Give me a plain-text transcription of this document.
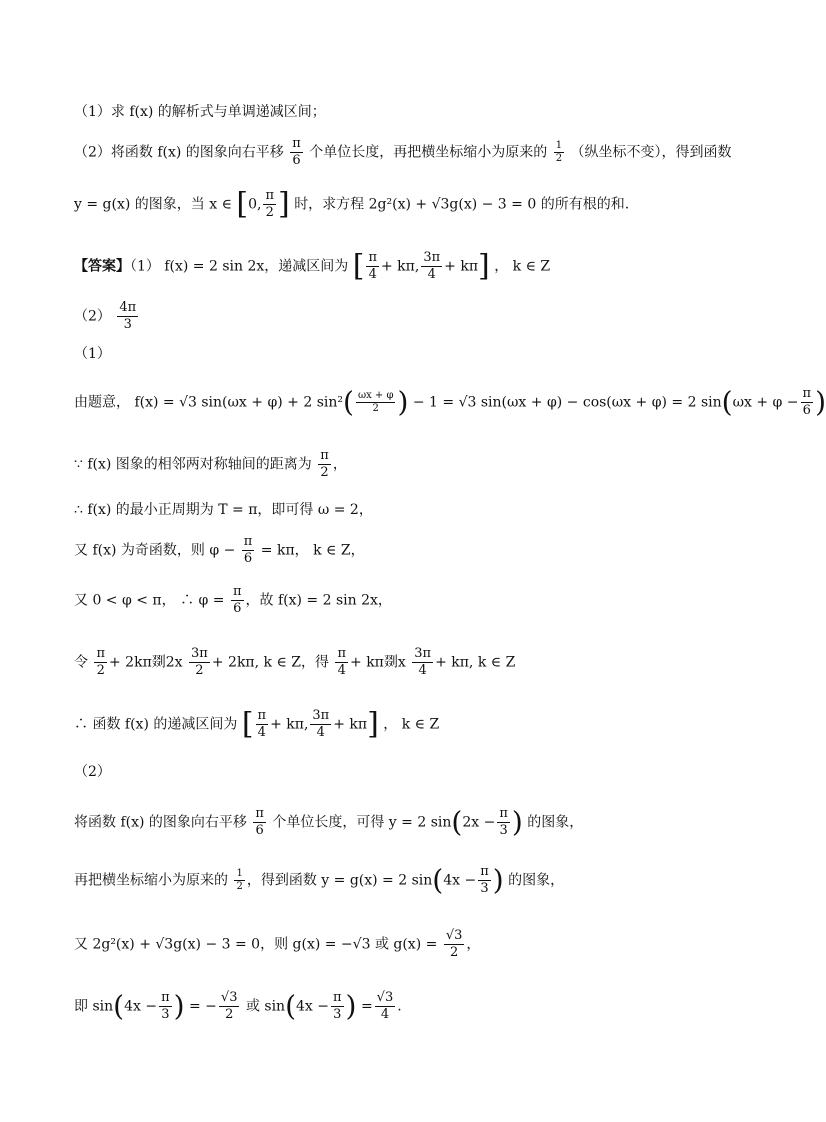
（1）求 f(x) 的解析式与单调递减区间；
（2）将函数 f(x) 的图象向右平移 $\frac{\pi}{6}$ 个单位长度，再把横坐标缩小为原来的 $\frac{1}{2}$ （纵坐标不变），得到函数
y = g(x) 的图象，当 x ∈ [0, $\frac{\pi}{2}$ ] 时，求方程 2g²(x) + √3g(x) − 3 = 0 的所有根的和.
【答案】（1） f(x) = 2 sin 2x，递减区间为 [ $\frac{\pi}{4} + k\pi$, $\frac{3\pi}{4} + k\pi$] ， k ∈ Z
$(2) \frac{4\pi}{3}$
（1）
由题意， f(x) = √3 sin(ωx + φ) + 2 $\sin^2( \frac{\omega x + \varphi}{2}$ ) − 1 = √3 sin(ωx + φ) − cos(ωx + φ) = 2 $\sin(\omega x + \varphi - \frac{\pi}{6}$ )
∵ f(x) 图象的相邻两对称轴间的距离为 $\frac{\pi}{2}$ ，
∴ f(x) 的最小正周期为 T = π，即可得 ω = 2，
又 f(x) 为奇函数，则 $\varphi - \frac{\pi}{6} = k\pi$， k ∈ Z，
又 0 < φ < π， ∴ $\varphi = \frac{\pi}{6}$ ，故 f(x) = 2 sin 2x，
令 $\frac{\pi}{2} + 2k\pi$剟$2x \frac{3\pi}{2} + 2k\pi$, k ∈ Z，得 $\frac{\pi}{4} + k\pi$剟x $\frac{3\pi}{4} + k\pi$, k ∈ Z
∴ 函数 f(x) 的递减区间为 [ $\frac{\pi}{4} + k\pi$, $\frac{3\pi}{4} + k\pi$] ， k ∈ Z
（2）
将函数 f(x) 的图象向右平移 $\frac{\pi}{6}$ 个单位长度，可得 y = 2 $\sin(2x - \frac{\pi}{3}$ ) 的图象，
再把横坐标缩小为原来的 $\frac{1}{2}$ ，得到函数 y = g(x) = 2 $\sin(4x - \frac{\pi}{3}$ ) 的图象，
又 2g²(x) + √3g(x) − 3 = 0，则 g(x) = −√3 或 $g(x) = \frac{√3}{2}$ ，
即 $\sin(4x - \frac{\pi}{3}$ ) = − $\frac{√3}{2}$ 或 $\sin(4x - \frac{\pi}{3}$ ) = $\frac{√3}{4}$ .
